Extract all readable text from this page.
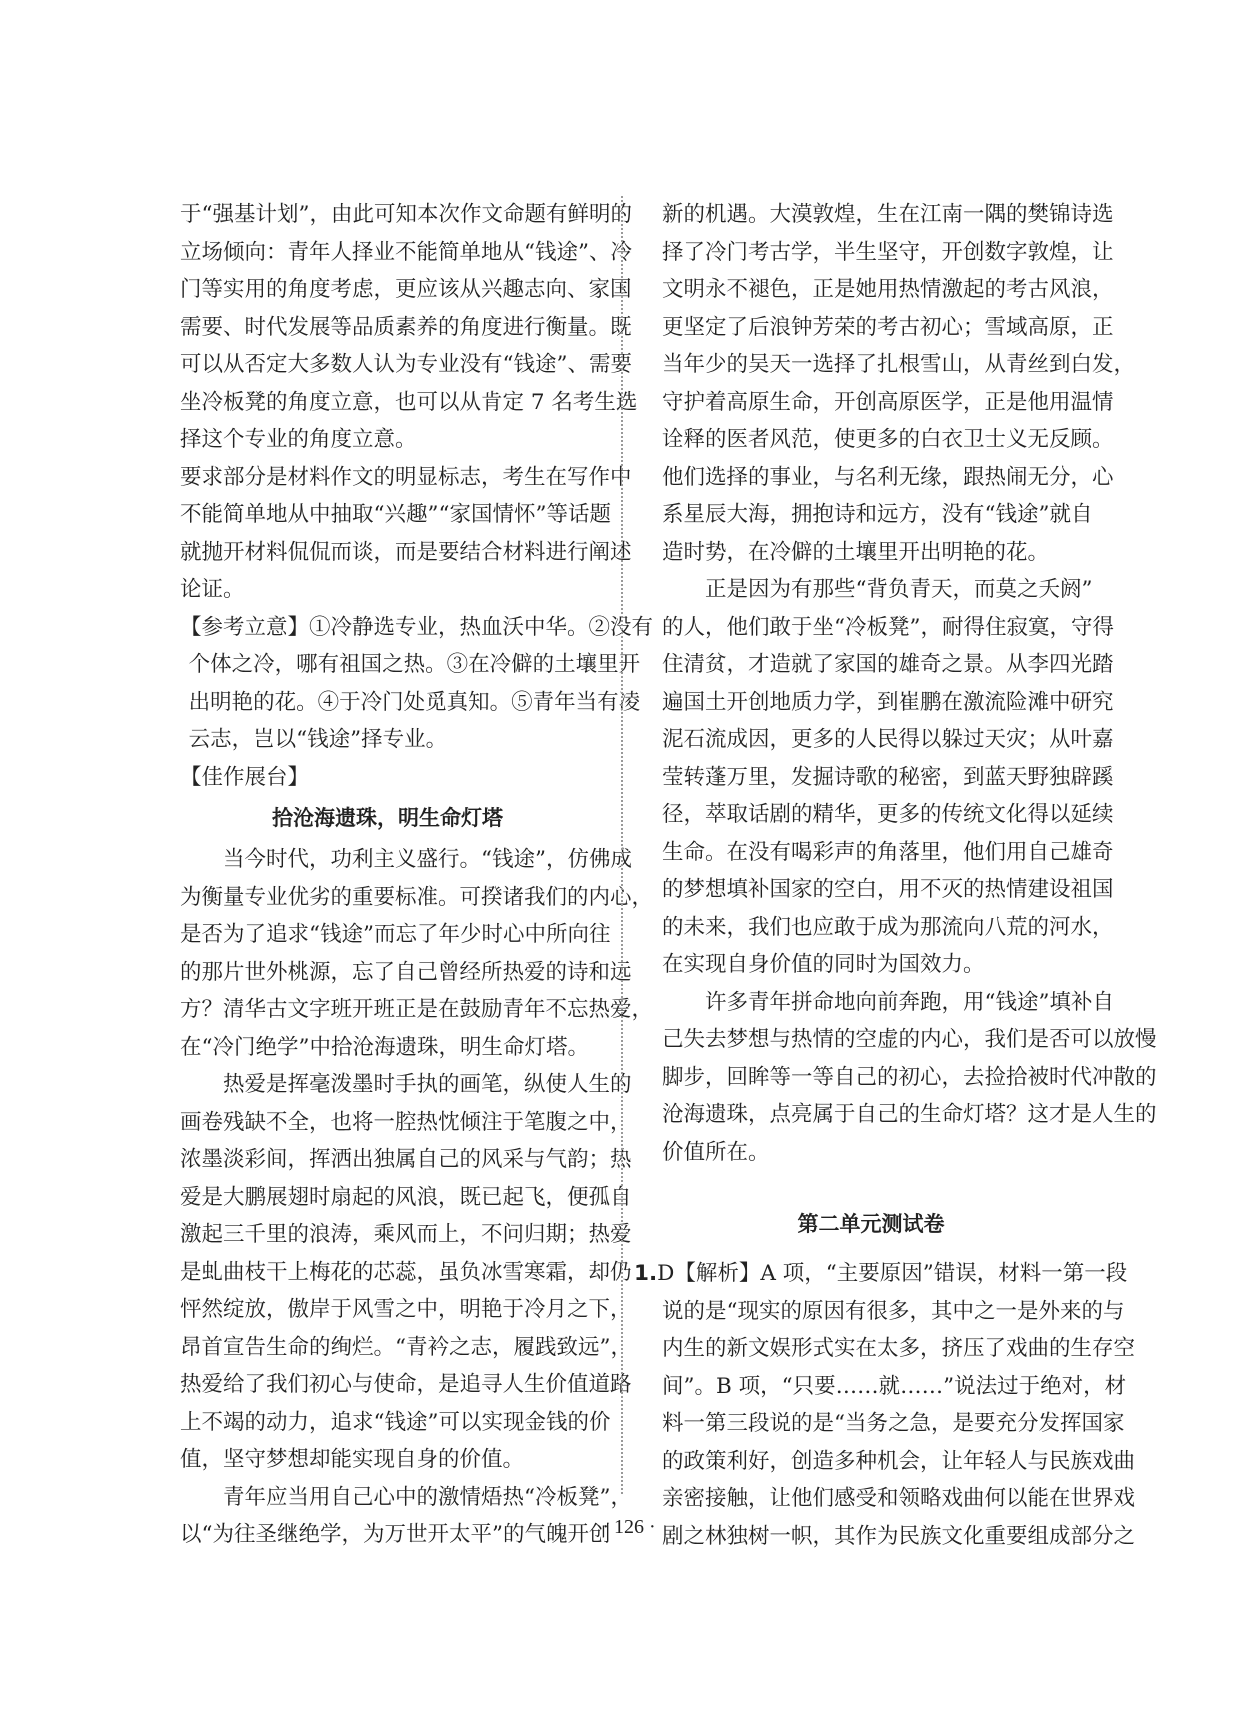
于“强基计划”，由此可知本次作文命题有鲜明的
立场倾向：青年人择业不能简单地从“钱途”、冷
门等实用的角度考虑，更应该从兴趣志向、家国
需要、时代发展等品质素养的角度进行衡量。既
可以从否定大多数人认为专业没有“钱途”、需要
坐冷板凳的角度立意，也可以从肯定 7 名考生选
择这个专业的角度立意。
要求部分是材料作文的明显标志，考生在写作中
不能简单地从中抽取“兴趣”“家国情怀”等话题
就抛开材料侃侃而谈，而是要结合材料进行阐述
论证。
【参考立意】①冷静选专业，热血沃中华。②没有
个体之冷，哪有祖国之热。③在冷僻的土壤里开
出明艳的花。④于冷门处觅真知。⑤青年当有凌
云志，岂以“钱途”择专业。
【佳作展台】
拾沧海遗珠，明生命灯塔
当今时代，功利主义盛行。“钱途”，仿佛成
为衡量专业优劣的重要标准。可揆诸我们的内心，
是否为了追求“钱途”而忘了年少时心中所向往
的那片世外桃源，忘了自己曾经所热爱的诗和远
方？清华古文字班开班正是在鼓励青年不忘热爱，
在“冷门绝学”中拾沧海遗珠，明生命灯塔。
热爱是挥毫泼墨时手执的画笔，纵使人生的
画卷残缺不全，也将一腔热忱倾注于笔腹之中，
浓墨淡彩间，挥洒出独属自己的风采与气韵；热
爱是大鹏展翅时扇起的风浪，既已起飞，便孤自
激起三千里的浪涛，乘风而上，不问归期；热爱
是虬曲枝干上梅花的芯蕊，虽负冰雪寒霜，却仍
怦然绽放，傲岸于风雪之中，明艳于冷月之下，
昂首宣告生命的绚烂。“青衿之志，履践致远”，
热爱给了我们初心与使命，是追寻人生价值道路
上不竭的动力，追求“钱途”可以实现金钱的价
值，坚守梦想却能实现自身的价值。
青年应当用自己心中的激情焐热“冷板凳”，
以“为往圣继绝学，为万世开太平”的气魄开创
新的机遇。大漠敦煌，生在江南一隅的樊锦诗选
择了冷门考古学，半生坚守，开创数字敦煌，让
文明永不褪色，正是她用热情激起的考古风浪，
更坚定了后浪钟芳荣的考古初心；雪域高原，正
当年少的吴天一选择了扎根雪山，从青丝到白发，
守护着高原生命，开创高原医学，正是他用温情
诠释的医者风范，使更多的白衣卫士义无反顾。
他们选择的事业，与名利无缘，跟热闹无分，心
系星辰大海，拥抱诗和远方，没有“钱途”就自
造时势，在冷僻的土壤里开出明艳的花。
正是因为有那些“背负青天，而莫之夭阏”
的人，他们敢于坐“冷板凳”，耐得住寂寞，守得
住清贫，才造就了家国的雄奇之景。从李四光踏
遍国土开创地质力学，到崔鹏在激流险滩中研究
泥石流成因，更多的人民得以躲过天灾；从叶嘉
莹转蓬万里，发掘诗歌的秘密，到蓝天野独辟蹊
径，萃取话剧的精华，更多的传统文化得以延续
生命。在没有喝彩声的角落里，他们用自己雄奇
的梦想填补国家的空白，用不灭的热情建设祖国
的未来，我们也应敢于成为那流向八荒的河水，
在实现自身价值的同时为国效力。
许多青年拼命地向前奔跑，用“钱途”填补自
己失去梦想与热情的空虚的内心，我们是否可以放慢
脚步，回眸等一等自己的初心，去捡拾被时代冲散的
沧海遗珠，点亮属于自己的生命灯塔？这才是人生的
价值所在。
第二单元测试卷
1.D【解析】A 项，“主要原因”错误，材料一第一段
说的是“现实的原因有很多，其中之一是外来的与
内生的新文娱形式实在太多，挤压了戏曲的生存空
间”。B 项，“只要……就……”说法过于绝对，材
料一第三段说的是“当务之急，是要充分发挥国家
的政策利好，创造多种机会，让年轻人与民族戏曲
亲密接触，让他们感受和领略戏曲何以能在世界戏
剧之林独树一帜，其作为民族文化重要组成部分之
· 126 ·
